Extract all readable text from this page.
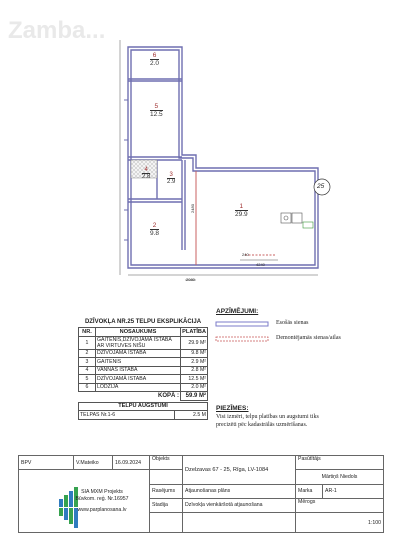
Zamba...
6
2.0
5
12.5
4
2.8	3
2.9
2
9.8
1
29.9
25
2080
240
2480
4240
DZĪVOKĻA NR.25 TELPU EKSPLIKĀCIJA
NR.	NOSAUKUMS	PLATĪBA
1	GAITENIS,DZĪVOJAMĀ ISTABA AR VIRTUVES NIŠU	29.9 M²
2	DZĪVOJAMĀ ISTABA	9.8 M²
3	GAITENIS	2.9 M²
4	VANNAS ISTABA	2.8 M²
5	DZĪVOJAMĀ ISTABA	12.5 M²
6	LODŽIJA	2.0 M²
	KOPĀ :	59.9 M²
TELPU AUGSTUMI
TELPAS Nr.1-6	2.5 M
APZĪMĒJUMI:
Esošās sienas
Demontējamās sienas/ailas
PIEZĪMES:
Visi izmēri, telpu platības un augstumi tiks
precizēti pēc kadastrālās uzmērīšanas.
BPV	V.Mateiko	16.09.2024	Objekts	Dzelzavas 67 - 25, Rīga, LV-1084	Pasūtītājs	

SIA MXM Projekts
Būvkom. reģ. Nr.16957
www.parplanosana.lv					Mārtiņš Niedols	
			Rasējums	Atjaunošanas plāns	Marka	AR-1
			Stadija	Dzīvokļa vienkāršotā atjaunošana	Mērogs	
					1:100	
